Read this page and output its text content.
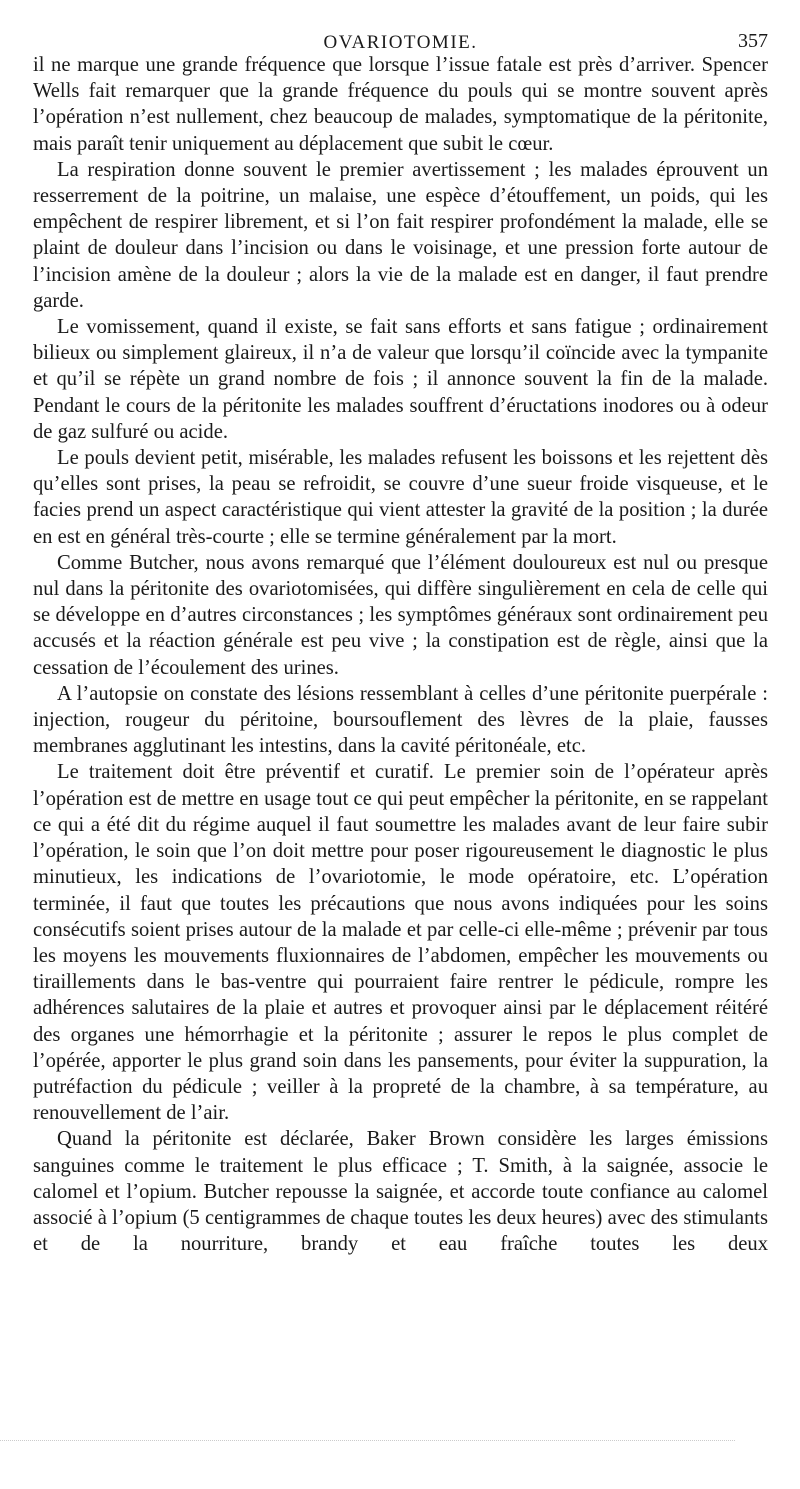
OVARIOTOMIE.	357

il ne marque une grande fréquence que lorsque l’issue fatale est près d’arriver. Spencer Wells fait remarquer que la grande fréquence du pouls qui se montre souvent après l’opération n’est nullement, chez beaucoup de malades, symptomatique de la péritonite, mais paraît tenir uniquement au déplacement que subit le cœur.

La respiration donne souvent le premier avertissement ; les malades éprouvent un resserrement de la poitrine, un malaise, une espèce d’étouffement, un poids, qui les empêchent de respirer librement, et si l’on fait respirer profondément la malade, elle se plaint de douleur dans l’incision ou dans le voisinage, et une pression forte autour de l’incision amène de la douleur ; alors la vie de la malade est en danger, il faut prendre garde.

Le vomissement, quand il existe, se fait sans efforts et sans fatigue ; ordinairement bilieux ou simplement glaireux, il n’a de valeur que lorsqu’il coïncide avec la tympanite et qu’il se répète un grand nombre de fois ; il annonce souvent la fin de la malade. Pendant le cours de la péritonite les malades souffrent d’éructations inodores ou à odeur de gaz sulfuré ou acide.

Le pouls devient petit, misérable, les malades refusent les boissons et les rejettent dès qu’elles sont prises, la peau se refroidit, se couvre d’une sueur froide visqueuse, et le facies prend un aspect caractéristique qui vient attester la gravité de la position ; la durée en est en général très-courte ; elle se termine généralement par la mort.

Comme Butcher, nous avons remarqué que l’élément douloureux est nul ou presque nul dans la péritonite des ovariotomisées, qui diffère singulièrement en cela de celle qui se développe en d’autres circonstances ; les symptômes généraux sont ordinairement peu accusés et la réaction générale est peu vive ; la constipation est de règle, ainsi que la cessation de l’écoulement des urines.

A l’autopsie on constate des lésions ressemblant à celles d’une péritonite puerpérale : injection, rougeur du péritoine, boursouflement des lèvres de la plaie, fausses membranes agglutinant les intestins, dans la cavité péritonéale, etc.

Le traitement doit être préventif et curatif. Le premier soin de l’opérateur après l’opération est de mettre en usage tout ce qui peut empêcher la péritonite, en se rappelant ce qui a été dit du régime auquel il faut soumettre les malades avant de leur faire subir l’opération, le soin que l’on doit mettre pour poser rigoureusement le diagnostic le plus minutieux, les indications de l’ovariotomie, le mode opératoire, etc. L’opération terminée, il faut que toutes les précautions que nous avons indiquées pour les soins consécutifs soient prises autour de la malade et par celle-ci elle-même ; prévenir par tous les moyens les mouvements fluxionnaires de l’abdomen, empêcher les mouvements ou tiraillements dans le bas-ventre qui pourraient faire rentrer le pédicule, rompre les adhérences salutaires de la plaie et autres et provoquer ainsi par le déplacement réitéré des organes une hémorrhagie et la péritonite ; assurer le repos le plus complet de l’opérée, apporter le plus grand soin dans les pansements, pour éviter la suppuration, la putréfaction du pédicule ; veiller à la propreté de la chambre, à sa température, au renouvellement de l’air.

Quand la péritonite est déclarée, Baker Brown considère les larges émissions sanguines comme le traitement le plus efficace ; T. Smith, à la saignée, associe le calomel et l’opium. Butcher repousse la saignée, et accorde toute confiance au calomel associé à l’opium (5 centigrammes de chaque toutes les deux heures) avec des stimulants et de la nourriture, brandy et eau fraîche toutes les deux
